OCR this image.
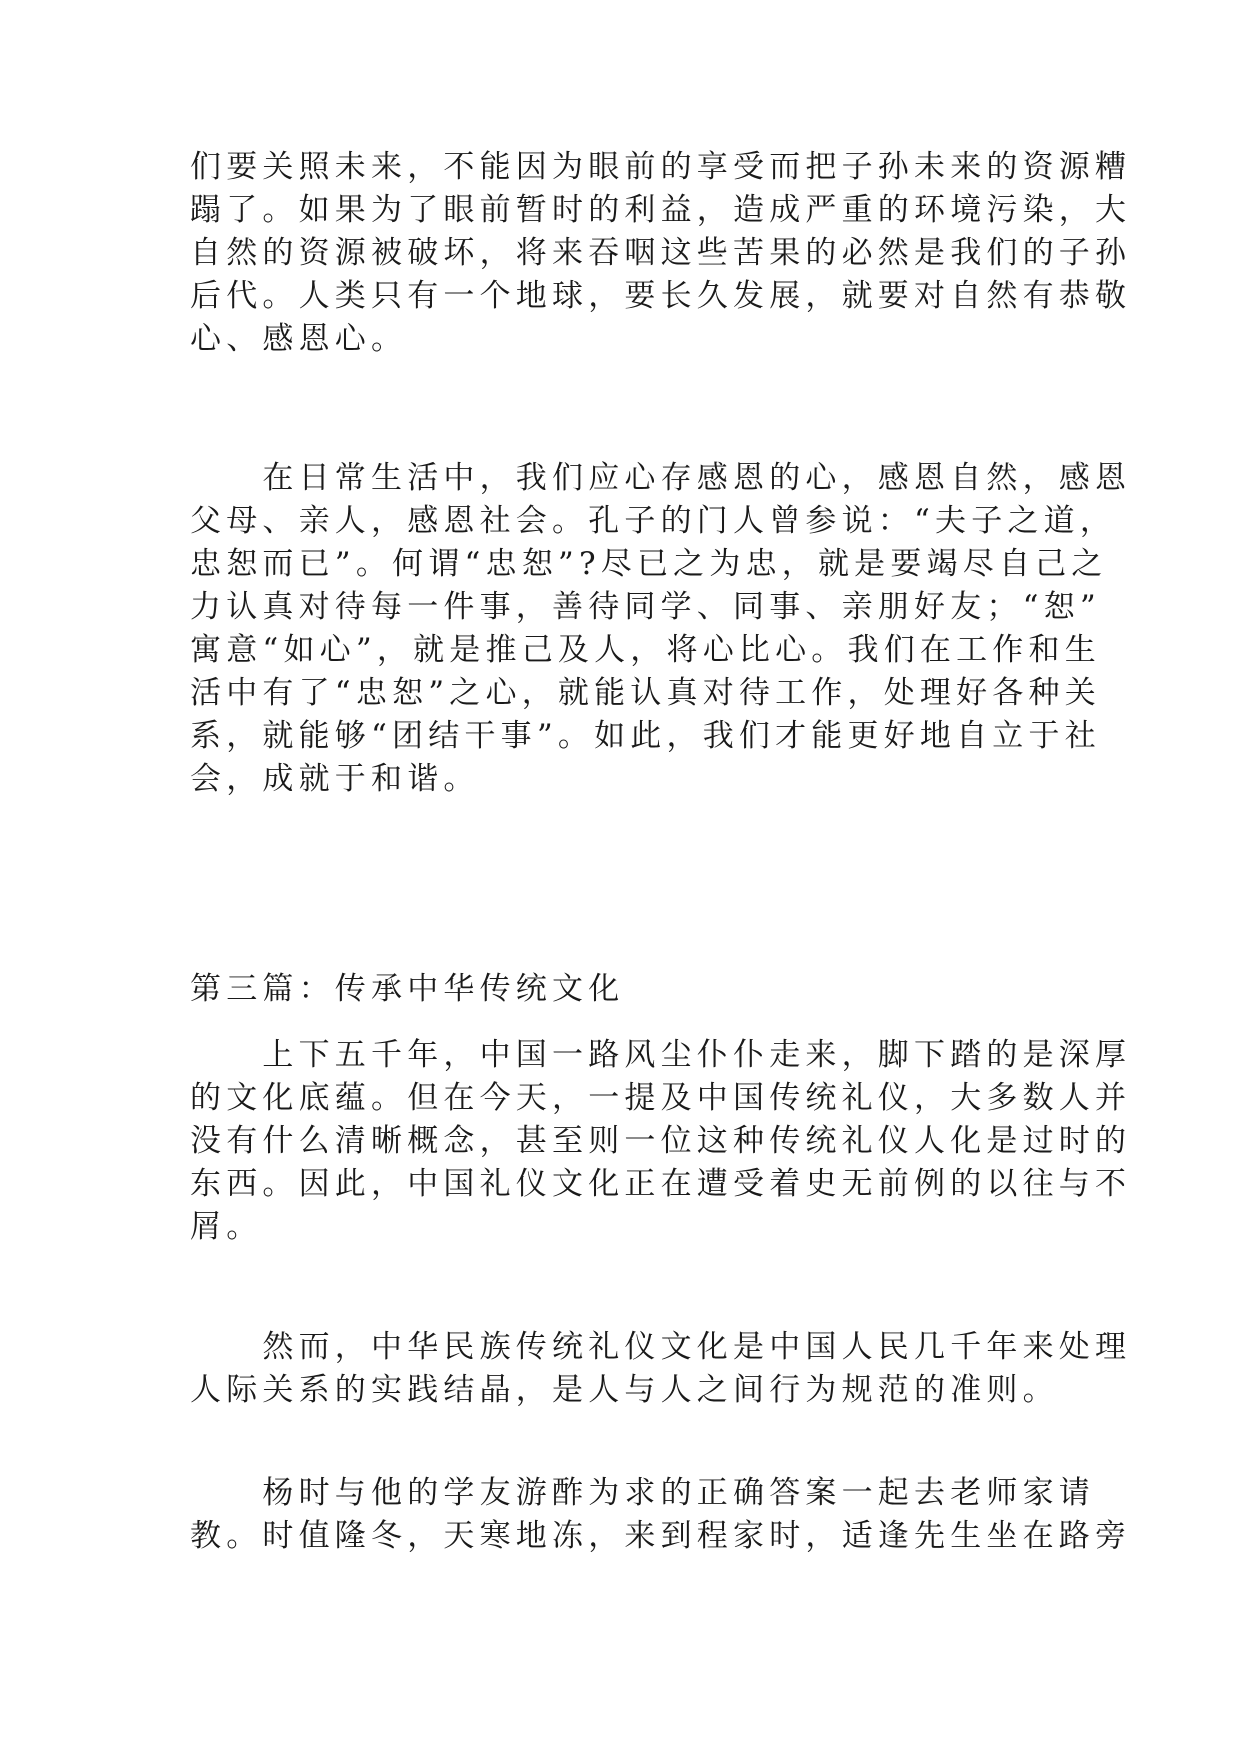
们要关照未来，不能因为眼前的享受而把子孙未来的资源糟
蹋了。如果为了眼前暂时的利益，造成严重的环境污染，大
自然的资源被破坏，将来吞咽这些苦果的必然是我们的子孙
后代。人类只有一个地球，要长久发展，就要对自然有恭敬
心、感恩心。
　　在日常生活中，我们应心存感恩的心，感恩自然，感恩
父母、亲人，感恩社会。孔子的门人曾参说：“夫子之道，
忠恕而已”。何谓“忠恕”?尽已之为忠，就是要竭尽自己之
力认真对待每一件事，善待同学、同事、亲朋好友；“恕”
寓意“如心”，就是推己及人，将心比心。我们在工作和生
活中有了“忠恕”之心，就能认真对待工作，处理好各种关
系，就能够“团结干事”。如此，我们才能更好地自立于社
会，成就于和谐。
第三篇：传承中华传统文化
　　上下五千年，中国一路风尘仆仆走来，脚下踏的是深厚
的文化底蕴。但在今天，一提及中国传统礼仪，大多数人并
没有什么清晰概念，甚至则一位这种传统礼仪人化是过时的
东西。因此，中国礼仪文化正在遭受着史无前例的以往与不
屑。
　　然而，中华民族传统礼仪文化是中国人民几千年来处理
人际关系的实践结晶，是人与人之间行为规范的准则。
　　杨时与他的学友游酢为求的正确答案一起去老师家请
教。时值隆冬，天寒地冻，来到程家时，适逢先生坐在路旁
